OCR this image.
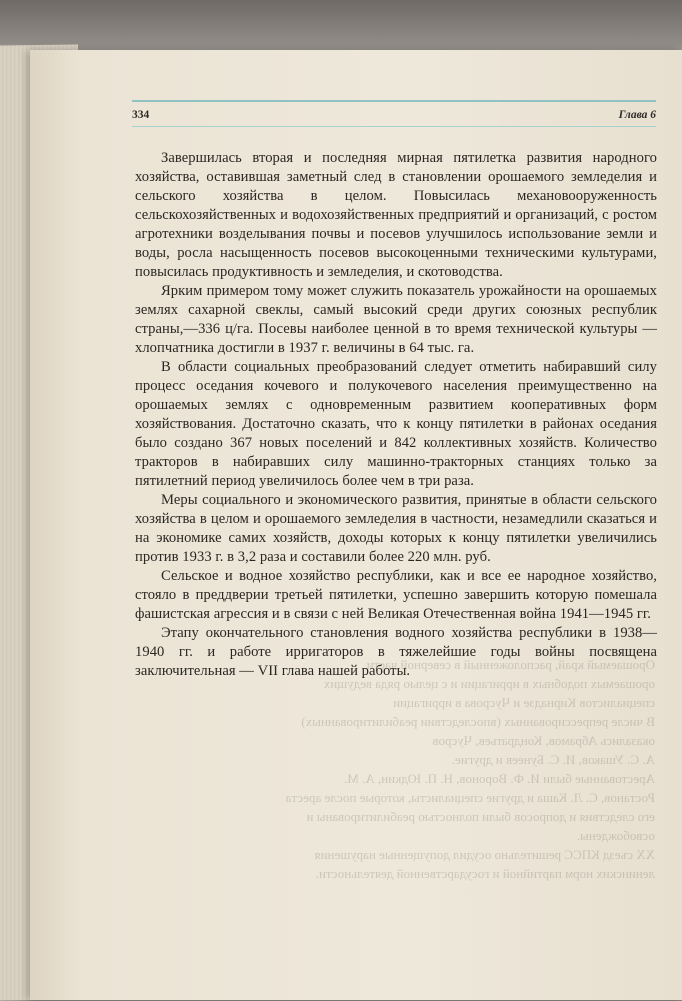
Орошаемый край, расположенный в северной части

орошаемых подобных в ирригации и с целью ряда ведущих

специалистов Кирнадзе и Чусрова в ирригации

В числе репрессированных (впоследствии реабилитированных)

оказались Абрамов, Кондратьев, Чусров

А. С. Ушаков, И. С. Бунеев и другие.

Арестованные были И. Ф. Воронов, Н. П. Юдкин, А. М.

Ростанов, С. Л. Каша и другие специалисты, которые после ареста

его следствия и допросов были полностью реабилитированы и

освобождены.

XX съезд КПСС решительно осудил допущенные нарушения

ленинских норм партийной и государственной деятельности.

334	Глава 6

Завершилась вторая и последняя мирная пятилетка развития народного хозяйства, оставившая заметный след в становлении орошаемого земледелия и сельского хозяйства в целом. Повысилась механовооруженность сельскохозяйственных и водохозяйственных предприятий и организаций, с ростом агротехники возделывания почвы и посевов улучшилось использование земли и воды, росла насыщенность посевов высокоценными техническими культурами, повысилась продуктивность и земледелия, и скотоводства.

Ярким примером тому может служить показатель урожайности на орошаемых землях сахарной свеклы, самый высокий среди других союзных республик страны,—336 ц/га. Посевы наиболее ценной в то время технической культуры — хлопчатника достигли в 1937 г. величины в 64 тыс. га.

В области социальных преобразований следует отметить набиравший силу процесс оседания кочевого и полукочевого населения преимущественно на орошаемых землях с одновременным развитием кооперативных форм хозяйствования. Достаточно сказать, что к концу пятилетки в районах оседания было создано 367 новых поселений и 842 коллективных хозяйств. Количество тракторов в набиравших силу машинно-тракторных станциях только за пятилетний период увеличилось более чем в три раза.

Меры социального и экономического развития, принятые в области сельского хозяйства в целом и орошаемого земледелия в частности, незамедлили сказаться и на экономике самих хозяйств, доходы которых к концу пятилетки увеличились против 1933 г. в 3,2 раза и составили более 220 млн. руб.

Сельское и водное хозяйство республики, как и все ее народное хозяйство, стояло в преддверии третьей пятилетки, успешно завершить которую помешала фашистская агрессия и в связи с ней Великая Отечественная война 1941—1945 гг.

Этапу окончательного становления водного хозяйства республики в 1938—1940 гг. и работе ирригаторов в тяжелейшие годы войны посвящена заключительная — VII глава нашей работы.
